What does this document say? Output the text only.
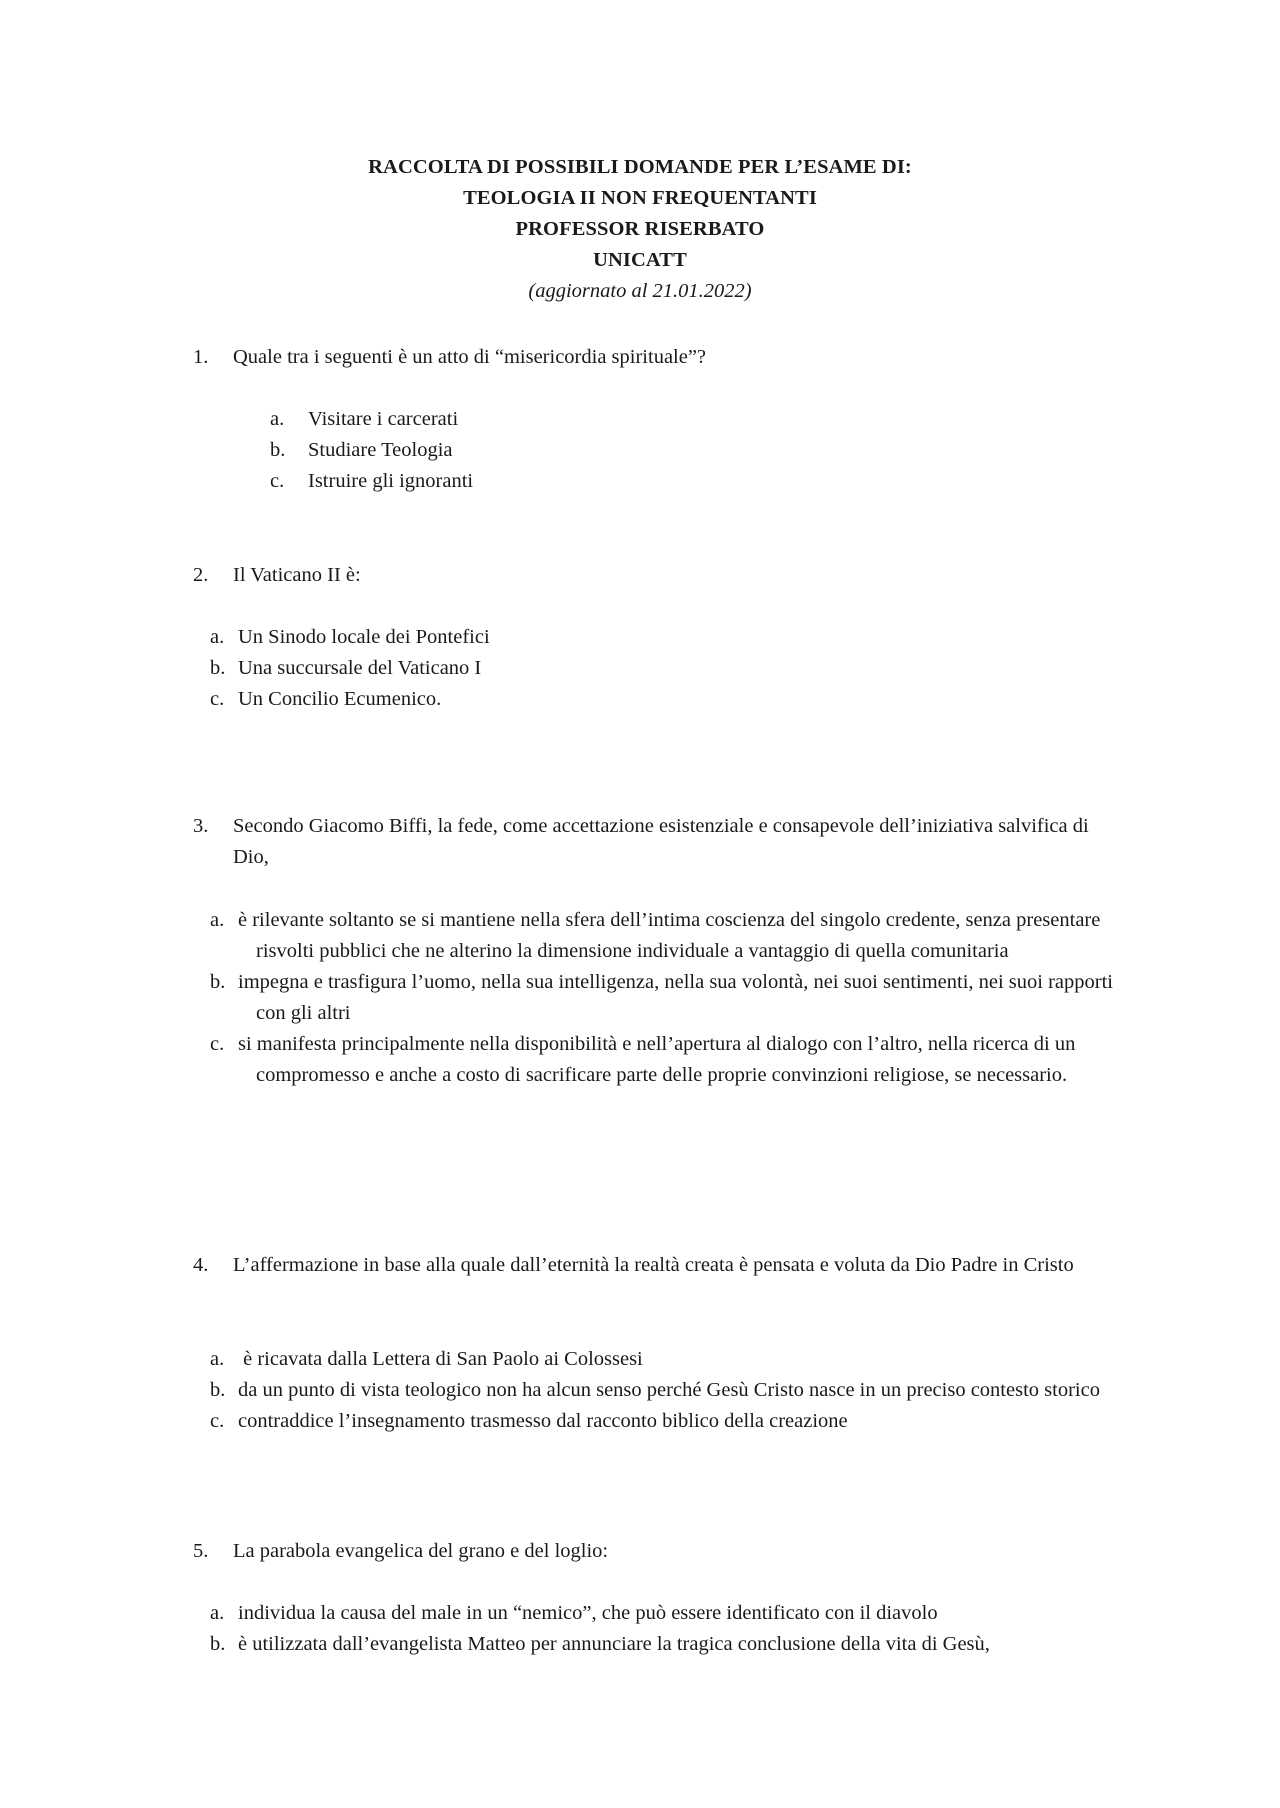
RACCOLTA DI POSSIBILI DOMANDE PER L’ESAME DI:
TEOLOGIA II NON FREQUENTANTI
PROFESSOR RISERBATO
UNICATT
(aggiornato al 21.01.2022)
1.	Quale tra i seguenti è un atto di “misericordia spirituale”?
a.	Visitare i carcerati
b.	Studiare Teologia
c.	Istruire gli ignoranti
2.	Il Vaticano II è:
a. Un Sinodo locale dei Pontefici
b. Una succursale del Vaticano I
c. Un Concilio Ecumenico.
3.	Secondo Giacomo Biffi, la fede, come accettazione esistenziale e consapevole dell’iniziativa salvifica di Dio,
a. è rilevante soltanto se si mantiene nella sfera dell’intima coscienza del singolo credente, senza presentare risvolti pubblici che ne alterino la dimensione individuale a vantaggio di quella comunitaria
b. impegna e trasfigura l’uomo, nella sua intelligenza, nella sua volontà, nei suoi sentimenti, nei suoi rapporti con gli altri
c. si manifesta principalmente nella disponibilità e nell’apertura al dialogo con l’altro, nella ricerca di un compromesso e anche a costo di sacrificare parte delle proprie convinzioni religiose, se necessario.
4.	L’affermazione in base alla quale dall’eternità la realtà creata è pensata e voluta da Dio Padre in Cristo
a. è ricavata dalla Lettera di San Paolo ai Colossesi
b. da un punto di vista teologico non ha alcun senso perché Gesù Cristo nasce in un preciso contesto storico
c. contraddice l’insegnamento trasmesso dal racconto biblico della creazione
5.	La parabola evangelica del grano e del loglio:
a. individua la causa del male in un “nemico”, che può essere identificato con il diavolo
b. è utilizzata dall’evangelista Matteo per annunciare la tragica conclusione della vita di Gesù,
